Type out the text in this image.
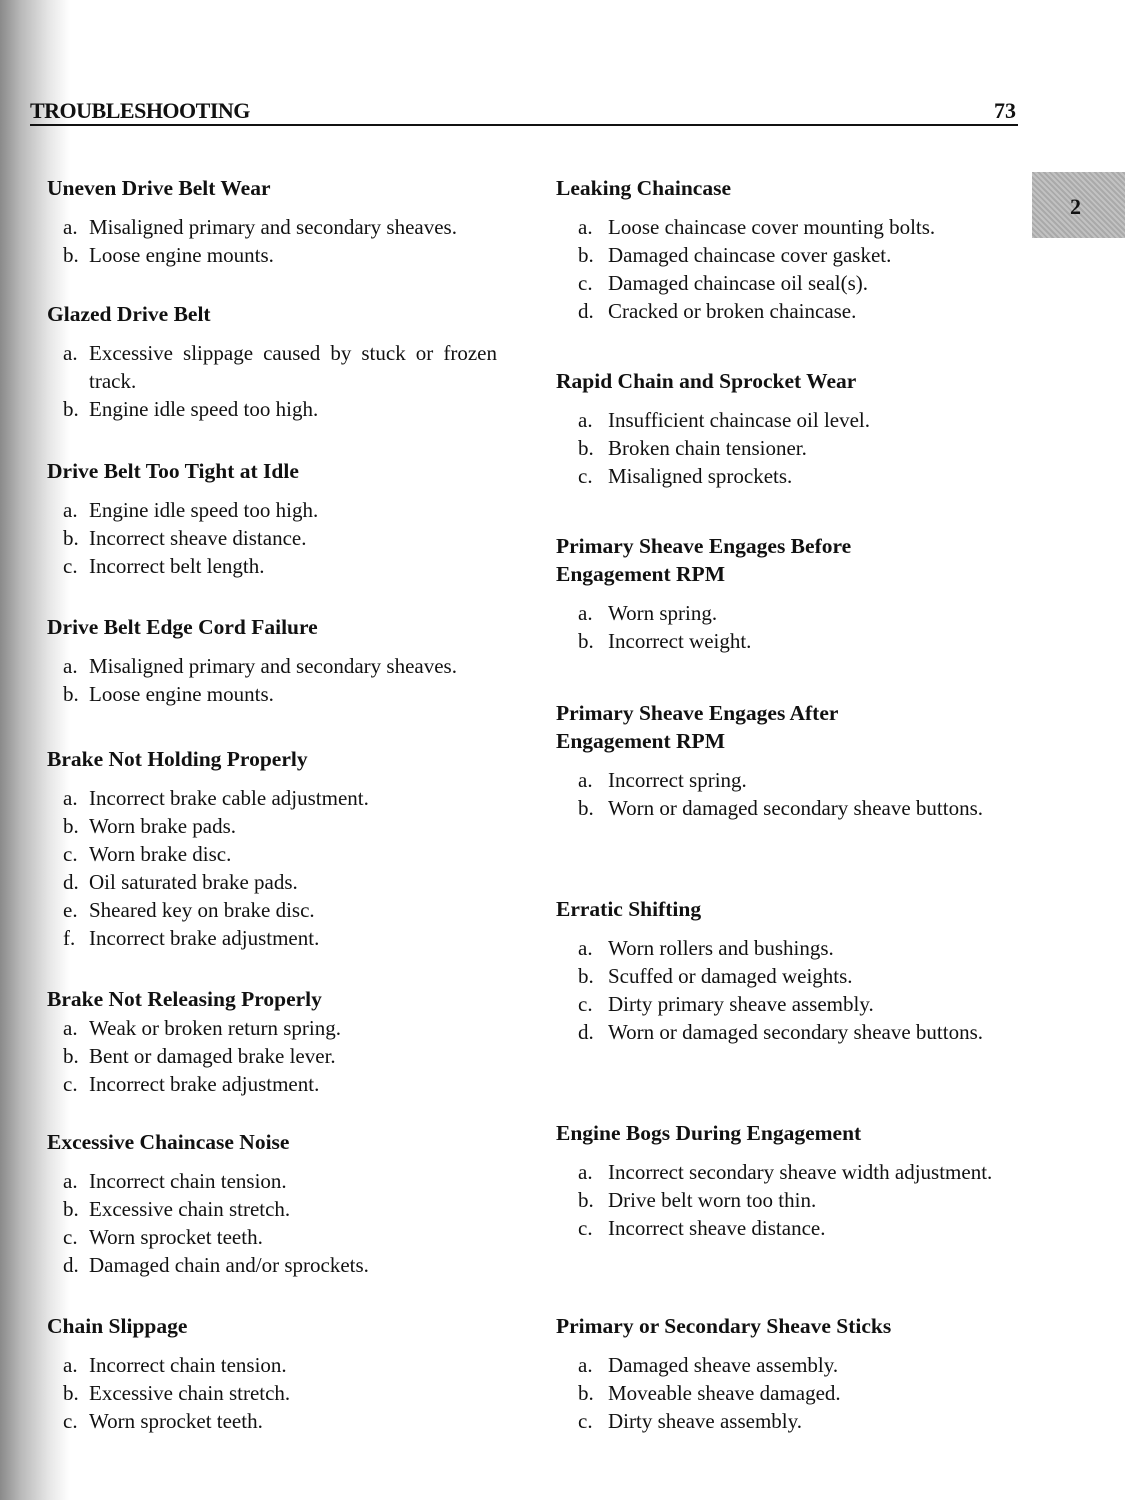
TROUBLESHOOTING	73
2
Uneven Drive Belt Wear
a. Misaligned primary and secondary sheaves.
b. Loose engine mounts.
Glazed Drive Belt
a. Excessive slippage caused by stuck or frozen track.
b. Engine idle speed too high.
Drive Belt Too Tight at Idle
a. Engine idle speed too high.
b. Incorrect sheave distance.
c. Incorrect belt length.
Drive Belt Edge Cord Failure
a. Misaligned primary and secondary sheaves.
b. Loose engine mounts.
Brake Not Holding Properly
a. Incorrect brake cable adjustment.
b. Worn brake pads.
c. Worn brake disc.
d. Oil saturated brake pads.
e. Sheared key on brake disc.
f. Incorrect brake adjustment.
Brake Not Releasing Properly
a. Weak or broken return spring.
b. Bent or damaged brake lever.
c. Incorrect brake adjustment.
Excessive Chaincase Noise
a. Incorrect chain tension.
b. Excessive chain stretch.
c. Worn sprocket teeth.
d. Damaged chain and/or sprockets.
Chain Slippage
a. Incorrect chain tension.
b. Excessive chain stretch.
c. Worn sprocket teeth.
Leaking Chaincase
a. Loose chaincase cover mounting bolts.
b. Damaged chaincase cover gasket.
c. Damaged chaincase oil seal(s).
d. Cracked or broken chaincase.
Rapid Chain and Sprocket Wear
a. Insufficient chaincase oil level.
b. Broken chain tensioner.
c. Misaligned sprockets.
Primary Sheave Engages Before Engagement RPM
a. Worn spring.
b. Incorrect weight.
Primary Sheave Engages After Engagement RPM
a. Incorrect spring.
b. Worn or damaged secondary sheave buttons.
Erratic Shifting
a. Worn rollers and bushings.
b. Scuffed or damaged weights.
c. Dirty primary sheave assembly.
d. Worn or damaged secondary sheave buttons.
Engine Bogs During Engagement
a. Incorrect secondary sheave width adjustment.
b. Drive belt worn too thin.
c. Incorrect sheave distance.
Primary or Secondary Sheave Sticks
a. Damaged sheave assembly.
b. Moveable sheave damaged.
c. Dirty sheave assembly.
